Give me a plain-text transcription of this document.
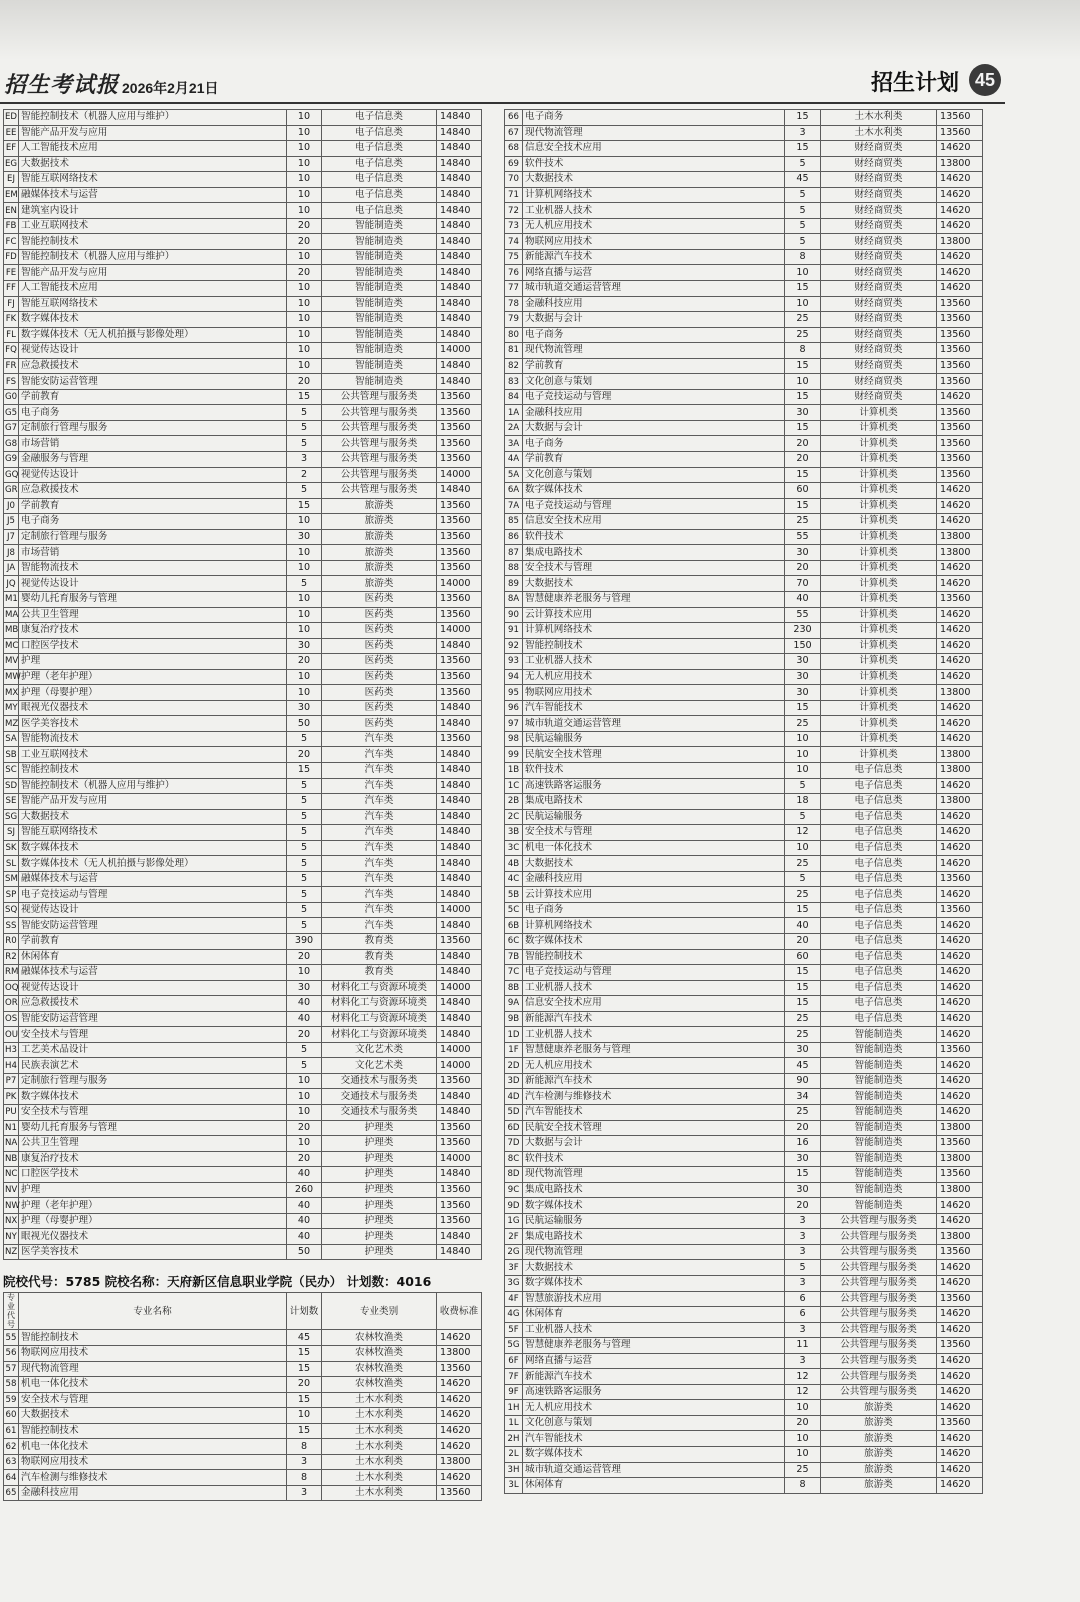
招生考试报 2026年2月21日	招生计划 45
ED	智能控制技术（机器人应用与维护）	10	电子信息类	14840
EE	智能产品开发与应用	10	电子信息类	14840
EF	人工智能技术应用	10	电子信息类	14840
EG	大数据技术	10	电子信息类	14840
EJ	智能互联网络技术	10	电子信息类	14840
EM	融媒体技术与运营	10	电子信息类	14840
EN	建筑室内设计	10	电子信息类	14840
FB	工业互联网技术	20	智能制造类	14840
FC	智能控制技术	20	智能制造类	14840
FD	智能控制技术（机器人应用与维护）	10	智能制造类	14840
FE	智能产品开发与应用	20	智能制造类	14840
FF	人工智能技术应用	10	智能制造类	14840
FJ	智能互联网络技术	10	智能制造类	14840
FK	数字媒体技术	10	智能制造类	14840
FL	数字媒体技术（无人机拍摄与影像处理）	10	智能制造类	14840
FQ	视觉传达设计	10	智能制造类	14000
FR	应急救援技术	10	智能制造类	14840
FS	智能安防运营管理	20	智能制造类	14840
G0	学前教育	15	公共管理与服务类	13560
G5	电子商务	5	公共管理与服务类	13560
G7	定制旅行管理与服务	5	公共管理与服务类	13560
G8	市场营销	5	公共管理与服务类	13560
G9	金融服务与管理	3	公共管理与服务类	13560
GQ	视觉传达设计	2	公共管理与服务类	14000
GR	应急救援技术	5	公共管理与服务类	14840
J0	学前教育	15	旅游类	13560
J5	电子商务	10	旅游类	13560
J7	定制旅行管理与服务	30	旅游类	13560
J8	市场营销	10	旅游类	13560
JA	智能物流技术	10	旅游类	13560
JQ	视觉传达设计	5	旅游类	14000
M1	婴幼儿托育服务与管理	10	医药类	13560
MA	公共卫生管理	10	医药类	13560
MB	康复治疗技术	10	医药类	14000
MC	口腔医学技术	30	医药类	14840
MV	护理	20	医药类	13560
MW	护理（老年护理）	10	医药类	13560
MX	护理（母婴护理）	10	医药类	13560
MY	眼视光仪器技术	30	医药类	14840
MZ	医学美容技术	50	医药类	14840
SA	智能物流技术	5	汽车类	13560
SB	工业互联网技术	20	汽车类	14840
SC	智能控制技术	15	汽车类	14840
SD	智能控制技术（机器人应用与维护）	5	汽车类	14840
SE	智能产品开发与应用	5	汽车类	14840
SG	大数据技术	5	汽车类	14840
SJ	智能互联网络技术	5	汽车类	14840
SK	数字媒体技术	5	汽车类	14840
SL	数字媒体技术（无人机拍摄与影像处理）	5	汽车类	14840
SM	融媒体技术与运营	5	汽车类	14840
SP	电子竞技运动与管理	5	汽车类	14840
SQ	视觉传达设计	5	汽车类	14000
SS	智能安防运营管理	5	汽车类	14840
R0	学前教育	390	教育类	13560
R2	休闲体育	20	教育类	14840
RM	融媒体技术与运营	10	教育类	14840
OQ	视觉传达设计	30	材料化工与资源环境类	14000
OR	应急救援技术	40	材料化工与资源环境类	14840
OS	智能安防运营管理	40	材料化工与资源环境类	14840
OU	安全技术与管理	20	材料化工与资源环境类	14840
H3	工艺美术品设计	5	文化艺术类	14000
H4	民族表演艺术	5	文化艺术类	14000
P7	定制旅行管理与服务	10	交通技术与服务类	13560
PK	数字媒体技术	10	交通技术与服务类	14840
PU	安全技术与管理	10	交通技术与服务类	14840
N1	婴幼儿托育服务与管理	20	护理类	13560
NA	公共卫生管理	10	护理类	13560
NB	康复治疗技术	20	护理类	14000
NC	口腔医学技术	40	护理类	14840
NV	护理	260	护理类	13560
NW	护理（老年护理）	40	护理类	13560
NX	护理（母婴护理）	40	护理类	13560
NY	眼视光仪器技术	40	护理类	14840
NZ	医学美容技术	50	护理类	14840
院校代号：5785 院校名称：天府新区信息职业学院（民办） 计划数：4016
专业代号	专业名称	计划数	专业类别	收费标准
55	智能控制技术	45	农林牧渔类	14620
56	物联网应用技术	15	农林牧渔类	13800
57	现代物流管理	15	农林牧渔类	13560
58	机电一体化技术	20	农林牧渔类	14620
59	安全技术与管理	15	土木水利类	14620
60	大数据技术	10	土木水利类	14620
61	智能控制技术	15	土木水利类	14620
62	机电一体化技术	8	土木水利类	14620
63	物联网应用技术	3	土木水利类	13800
64	汽车检测与维修技术	8	土木水利类	14620
65	金融科技应用	3	土木水利类	13560
66	电子商务	15	土木水利类	13560
67	现代物流管理	3	土木水利类	13560
68	信息安全技术应用	15	财经商贸类	14620
69	软件技术	5	财经商贸类	13800
70	大数据技术	45	财经商贸类	14620
71	计算机网络技术	5	财经商贸类	14620
72	工业机器人技术	5	财经商贸类	14620
73	无人机应用技术	5	财经商贸类	14620
74	物联网应用技术	5	财经商贸类	13800
75	新能源汽车技术	8	财经商贸类	14620
76	网络直播与运营	10	财经商贸类	14620
77	城市轨道交通运营管理	15	财经商贸类	14620
78	金融科技应用	10	财经商贸类	13560
79	大数据与会计	25	财经商贸类	13560
80	电子商务	25	财经商贸类	13560
81	现代物流管理	8	财经商贸类	13560
82	学前教育	15	财经商贸类	13560
83	文化创意与策划	10	财经商贸类	13560
84	电子竞技运动与管理	15	财经商贸类	14620
1A	金融科技应用	30	计算机类	13560
2A	大数据与会计	15	计算机类	13560
3A	电子商务	20	计算机类	13560
4A	学前教育	20	计算机类	13560
5A	文化创意与策划	15	计算机类	13560
6A	数字媒体技术	60	计算机类	14620
7A	电子竞技运动与管理	15	计算机类	14620
85	信息安全技术应用	25	计算机类	14620
86	软件技术	55	计算机类	13800
87	集成电路技术	30	计算机类	13800
88	安全技术与管理	20	计算机类	14620
89	大数据技术	70	计算机类	14620
8A	智慧健康养老服务与管理	40	计算机类	13560
90	云计算技术应用	55	计算机类	14620
91	计算机网络技术	230	计算机类	14620
92	智能控制技术	150	计算机类	14620
93	工业机器人技术	30	计算机类	14620
94	无人机应用技术	30	计算机类	14620
95	物联网应用技术	30	计算机类	13800
96	汽车智能技术	15	计算机类	14620
97	城市轨道交通运营管理	25	计算机类	14620
98	民航运输服务	10	计算机类	14620
99	民航安全技术管理	10	计算机类	13800
1B	软件技术	10	电子信息类	13800
1C	高速铁路客运服务	5	电子信息类	14620
2B	集成电路技术	18	电子信息类	13800
2C	民航运输服务	5	电子信息类	14620
3B	安全技术与管理	12	电子信息类	14620
3C	机电一体化技术	10	电子信息类	14620
4B	大数据技术	25	电子信息类	14620
4C	金融科技应用	5	电子信息类	13560
5B	云计算技术应用	25	电子信息类	14620
5C	电子商务	15	电子信息类	13560
6B	计算机网络技术	40	电子信息类	14620
6C	数字媒体技术	20	电子信息类	14620
7B	智能控制技术	60	电子信息类	14620
7C	电子竞技运动与管理	15	电子信息类	14620
8B	工业机器人技术	15	电子信息类	14620
9A	信息安全技术应用	15	电子信息类	14620
9B	新能源汽车技术	25	电子信息类	14620
1D	工业机器人技术	25	智能制造类	14620
1F	智慧健康养老服务与管理	30	智能制造类	13560
2D	无人机应用技术	45	智能制造类	14620
3D	新能源汽车技术	90	智能制造类	14620
4D	汽车检测与维修技术	34	智能制造类	14620
5D	汽车智能技术	25	智能制造类	14620
6D	民航安全技术管理	20	智能制造类	13800
7D	大数据与会计	16	智能制造类	13560
8C	软件技术	30	智能制造类	13800
8D	现代物流管理	15	智能制造类	13560
9C	集成电路技术	30	智能制造类	13800
9D	数字媒体技术	20	智能制造类	14620
1G	民航运输服务	3	公共管理与服务类	14620
2F	集成电路技术	3	公共管理与服务类	13800
2G	现代物流管理	3	公共管理与服务类	13560
3F	大数据技术	5	公共管理与服务类	14620
3G	数字媒体技术	3	公共管理与服务类	14620
4F	智慧旅游技术应用	6	公共管理与服务类	13560
4G	休闲体育	6	公共管理与服务类	14620
5F	工业机器人技术	3	公共管理与服务类	14620
5G	智慧健康养老服务与管理	11	公共管理与服务类	13560
6F	网络直播与运营	3	公共管理与服务类	14620
7F	新能源汽车技术	12	公共管理与服务类	14620
9F	高速铁路客运服务	12	公共管理与服务类	14620
1H	无人机应用技术	10	旅游类	14620
1L	文化创意与策划	20	旅游类	13560
2H	汽车智能技术	10	旅游类	14620
2L	数字媒体技术	10	旅游类	14620
3H	城市轨道交通运营管理	25	旅游类	14620
3L	休闲体育	8	旅游类	14620
